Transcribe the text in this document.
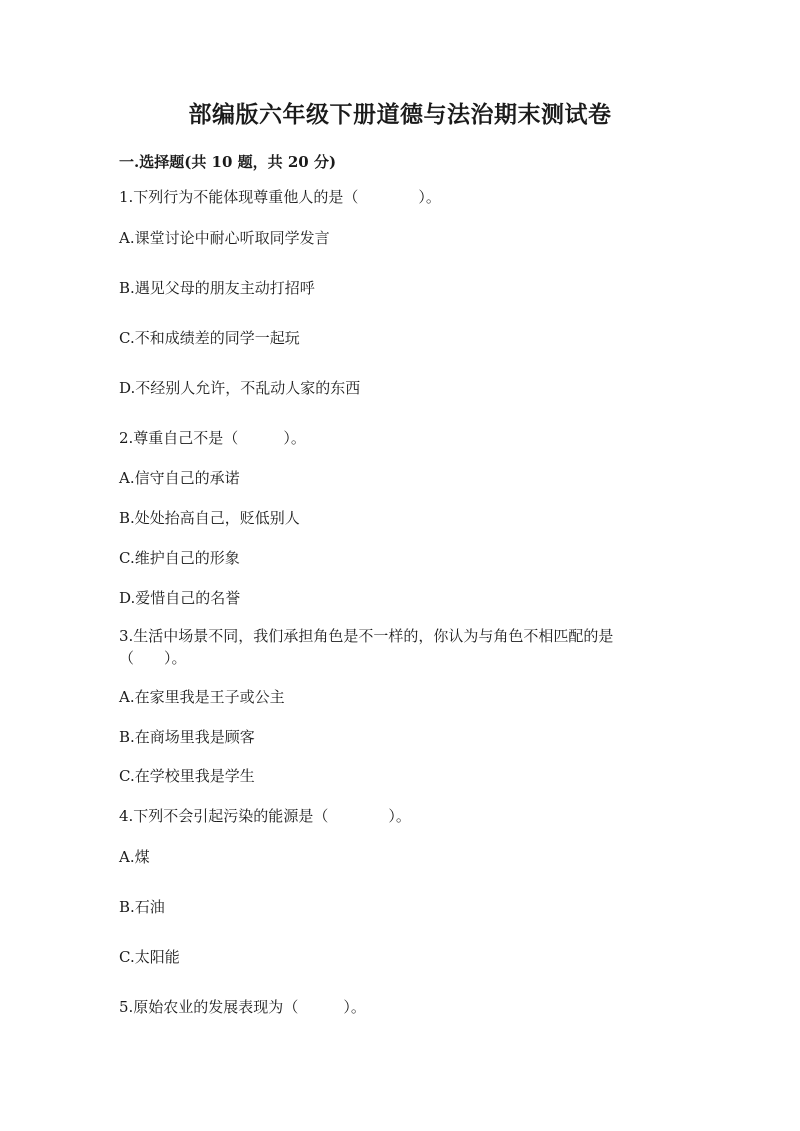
部编版六年级下册道德与法治期末测试卷

一.选择题(共 10 题，共 20 分)

1.下列行为不能体现尊重他人的是（　　　　）。

A.课堂讨论中耐心听取同学发言

B.遇见父母的朋友主动打招呼

C.不和成绩差的同学一起玩

D.不经别人允许，不乱动人家的东西

2.尊重自己不是（　　　）。

A.信守自己的承诺

B.处处抬高自己，贬低别人

C.维护自己的形象

D.爱惜自己的名誉

3.生活中场景不同，我们承担角色是不一样的，你认为与角色不相匹配的是（　　）。

A.在家里我是王子或公主

B.在商场里我是顾客

C.在学校里我是学生

4.下列不会引起污染的能源是（　　　　）。

A.煤

B.石油

C.太阳能

5.原始农业的发展表现为（　　　）。
